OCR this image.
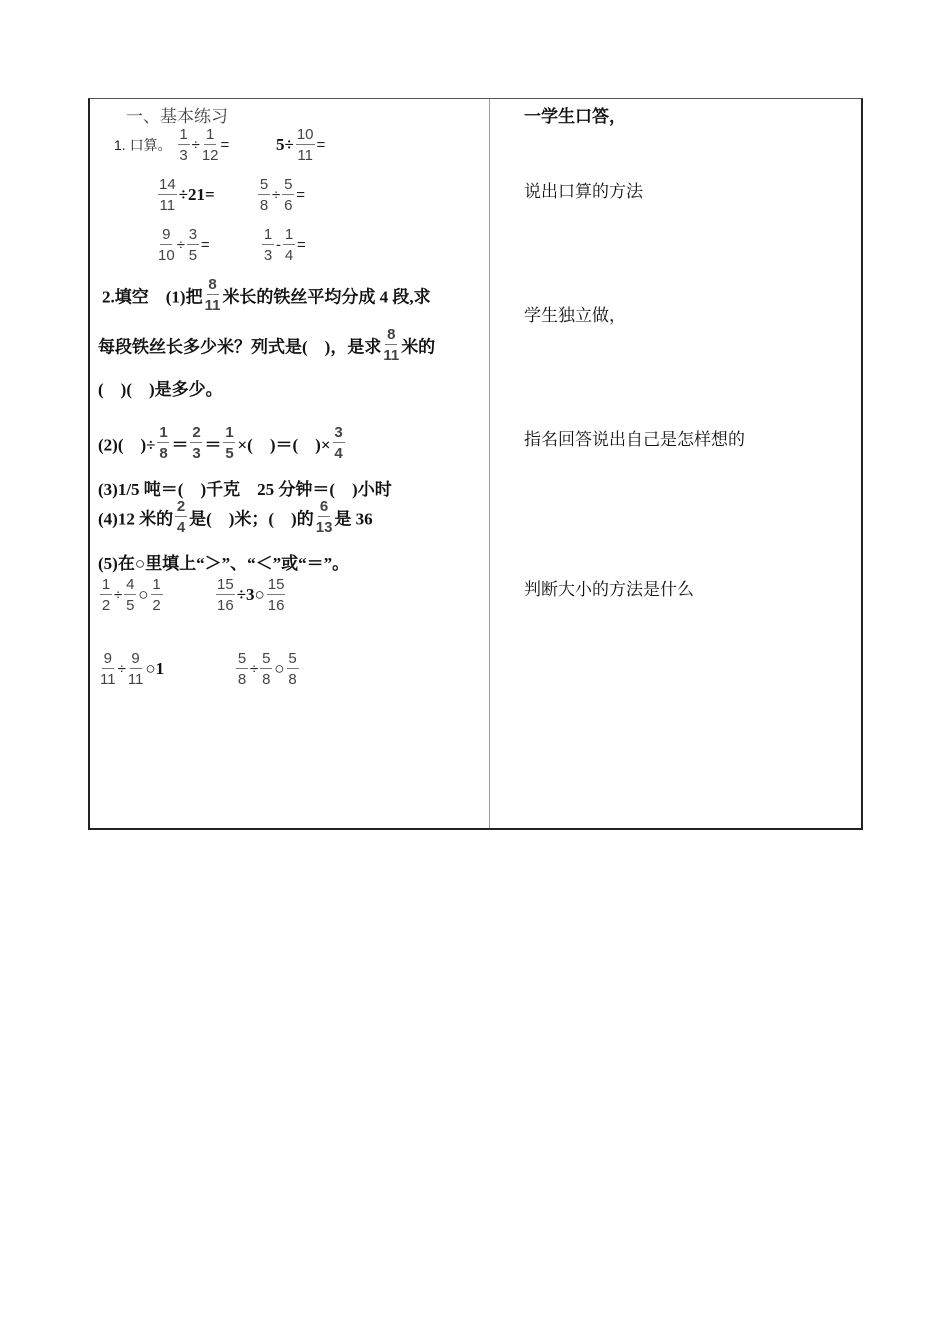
一、基本练习
1. 口算。 $\frac{1}{3} \div \frac{1}{12}$ =	$5\div \frac{10}{11}$ =
$\frac{14}{11} \div 21=$	$\frac{5}{8} \div \frac{5}{6}$ =
$\frac{9}{10} \div \frac{3}{5}$ =	$\frac{1}{3} - \frac{1}{4}$ =
2.填空　(1)把 $\frac{8}{11}$ 米长的铁丝平均分成 4 段,求
每段铁丝长多少米？列式是(　)，是求 $\frac{8}{11}$ 米的
(　)(　)是多少。
(2)(　)÷ $\frac{1}{8} = \frac{2}{3} = \frac{1}{5}$ ×(　)＝(　)× $\frac{3}{4}$
(3)1/5 吨＝(　)千克　25 分钟＝(　)小时
(4)12 米的 $\frac{2}{4}$ 是(　)米；(　)的 $\frac{6}{13}$ 是 36
(5)在○里填上“＞”、“＜”或“＝”。
$\frac{1}{2} \div \frac{4}{5}$ ○ $\frac{1}{2}$	$\frac{15}{16}$ ÷3○ $\frac{15}{16}$
$\frac{9}{11} \div \frac{9}{11}$ ○1	$\frac{5}{8} \div \frac{5}{8}$ ○ $\frac{5}{8}$
一学生口答，
说出口算的方法
学生独立做，
指名回答说出自己是怎样想的
判断大小的方法是什么
